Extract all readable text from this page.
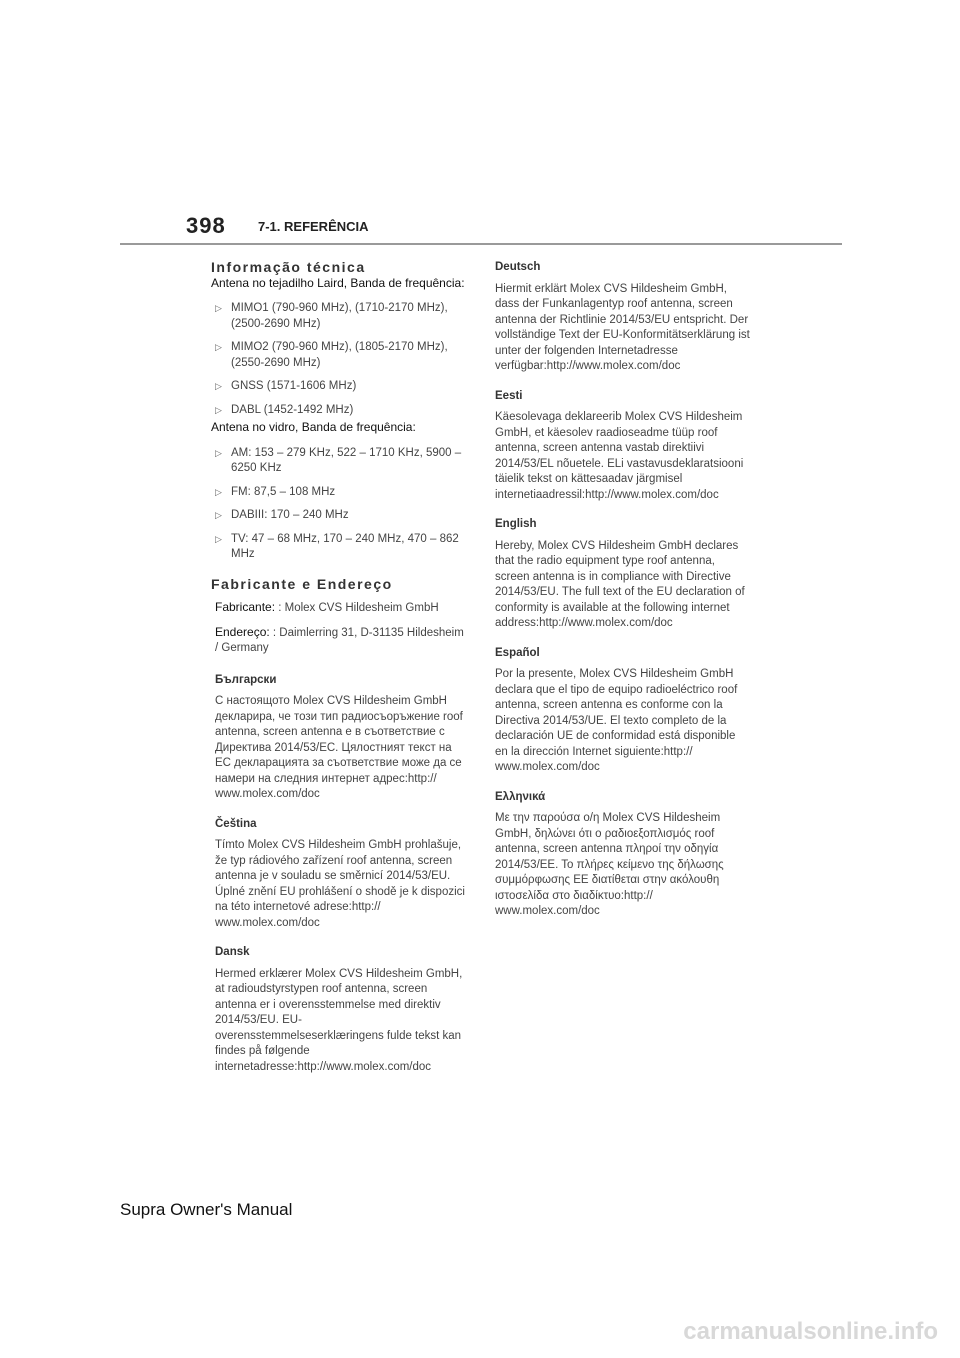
398 7-1. REFERÊNCIA
Informação técnica

Antena no tejadilho Laird, Banda de frequência:

▷ MIMO1 (790-960 MHz), (1710-2170 MHz), (2500-2690 MHz)
▷ MIMO2 (790-960 MHz), (1805-2170 MHz), (2550-2690 MHz)
▷ GNSS (1571-1606 MHz)
▷ DABL (1452-1492 MHz)

Antena no vidro, Banda de frequência:

▷ AM: 153 – 279 KHz, 522 – 1710 KHz, 5900 – 6250 KHz
▷ FM: 87,5 – 108 MHz
▷ DABIII: 170 – 240 MHz
▷ TV: 47 – 68 MHz, 170 – 240 MHz, 470 – 862 MHz
Fabricante e Endereço
Fabricante: : Molex CVS Hildesheim GmbH
Endereço: : Daimlerring 31, D-31135 Hildesheim / Germany

Български

С настоящото Molex CVS Hildesheim GmbH декларира, че този тип радиосъоръжение roof antenna, screen antenna е в съответствие с Директива 2014/53/ЕС. Цялостният текст на ЕС декларацията за съответствие може да се намери на следния интернет адрес:http:// www.molex.com/doc

Čeština

Tímto Molex CVS Hildesheim GmbH prohlašuje, že typ rádiového zařízení roof antenna, screen antenna je v souladu se směrnicí 2014/53/EU. Úplné znění EU prohlášení o shodě je k dispozici na této internetové adrese:http:// www.molex.com/doc

Dansk

Hermed erklærer Molex CVS Hildesheim GmbH, at radioudstyrstypen roof antenna, screen antenna er i overensstemmelse med direktiv 2014/53/EU. EU-overensstemmelseserklæringens fulde tekst kan findes på følgende internetadresse:http://www.molex.com/doc

Deutsch

Hiermit erklärt Molex CVS Hildesheim GmbH, dass der Funkanlagentyp roof antenna, screen antenna der Richtlinie 2014/53/EU entspricht. Der vollständige Text der EU-Konformitätserklärung ist unter der folgenden Internetadresse verfügbar:http://www.molex.com/doc

Eesti

Käesolevaga deklareerib Molex CVS Hildesheim GmbH, et käesolev raadioseadme tüüp roof antenna, screen antenna vastab direktiivi 2014/53/EL nõuetele. ELi vastavusdeklaratsiooni täielik tekst on kättesaadav järgmisel internetiaadressil:http://www.molex.com/doc

English

Hereby, Molex CVS Hildesheim GmbH declares that the radio equipment type roof antenna, screen antenna is in compliance with Directive 2014/53/EU. The full text of the EU declaration of conformity is available at the following internet address:http://www.molex.com/doc

Español

Por la presente, Molex CVS Hildesheim GmbH declara que el tipo de equipo radioeléctrico roof antenna, screen antenna es conforme con la Directiva 2014/53/UE. El texto completo de la declaración UE de conformidad está disponible en la dirección Internet siguiente:http:// www.molex.com/doc

Ελληνικά

Με την παρούσα ο/η Molex CVS Hildesheim GmbH, δηλώνει ότι ο ραδιοεξοπλισμός roof antenna, screen antenna πληροί την οδηγία 2014/53/ΕΕ. Το πλήρες κείμενο της δήλωσης συμμόρφωσης ΕΕ διατίθεται στην ακόλουθη ιστοσελίδα στο διαδίκτυο:http:// www.molex.com/doc

Supra Owner's Manual
carmanualsonline.info
